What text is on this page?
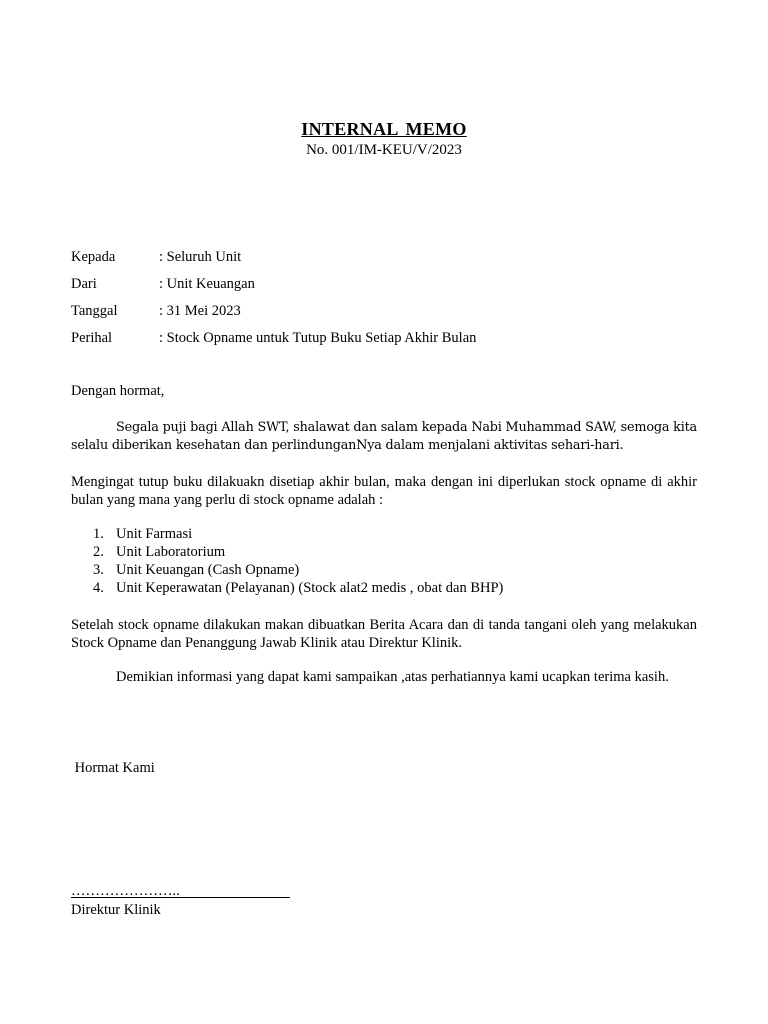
INTERNAL MEMO
No. 001/IM-KEU/V/2023
Kepada	: Seluruh Unit
Dari	: Unit Keuangan
Tanggal	: 31 Mei 2023
Perihal	: Stock Opname untuk Tutup Buku Setiap Akhir Bulan
Dengan hormat,
Segala puji bagi Allah SWT, shalawat dan salam kepada Nabi Muhammad SAW, semoga kita
selalu diberikan kesehatan dan perlindunganNya dalam menjalani aktivitas sehari-hari.
Mengingat tutup buku dilakuakn disetiap akhir bulan, maka dengan ini diperlukan stock opname di akhir bulan yang mana yang perlu di stock opname adalah :
1. Unit Farmasi
2. Unit Laboratorium
3. Unit Keuangan (Cash Opname)
4. Unit Keperawatan (Pelayanan) (Stock alat2 medis , obat dan BHP)
Setelah stock opname dilakukan makan dibuatkan Berita Acara dan di tanda tangani oleh yang melakukan Stock Opname dan Penanggung Jawab Klinik atau Direktur Klinik.
Demikian informasi yang dapat kami sampaikan ,atas perhatiannya kami ucapkan terima kasih.
Hormat Kami
…………………..
Direktur Klinik
